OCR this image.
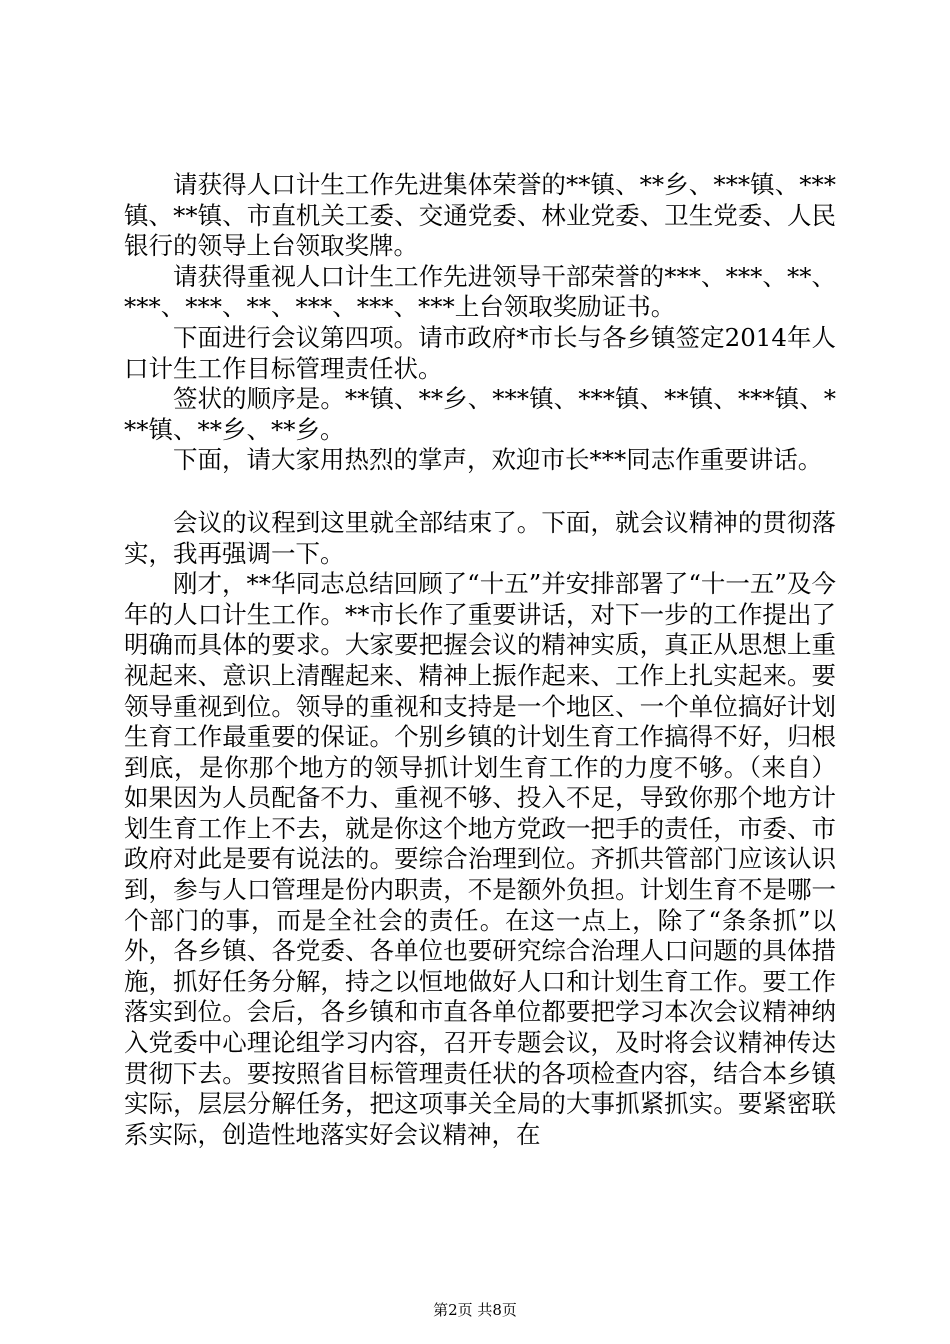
请获得人口计生工作先进集体荣誉的**镇、**乡、***镇、***镇、**镇、市直机关工委、交通党委、林业党委、卫生党委、人民银行的领导上台领取奖牌。

请获得重视人口计生工作先进领导干部荣誉的***、***、**、***、***、**、***、***、***上台领取奖励证书。

下面进行会议第四项。请市政府*市长与各乡镇签定2014年人口计生工作目标管理责任状。

签状的顺序是。**镇、**乡、***镇、***镇、**镇、***镇、***镇、**乡、**乡。

下面，请大家用热烈的掌声，欢迎市长***同志作重要讲话。

会议的议程到这里就全部结束了。下面，就会议精神的贯彻落实，我再强调一下。

刚才，**华同志总结回顾了“十五”并安排部署了“十一五”及今年的人口计生工作。**市长作了重要讲话，对下一步的工作提出了明确而具体的要求。大家要把握会议的精神实质，真正从思想上重视起来、意识上清醒起来、精神上振作起来、工作上扎实起来。要领导重视到位。领导的重视和支持是一个地区、一个单位搞好计划生育工作最重要的保证。个别乡镇的计划生育工作搞得不好，归根到底，是你那个地方的领导抓计划生育工作的力度不够。（来自）如果因为人员配备不力、重视不够、投入不足，导致你那个地方计划生育工作上不去，就是你这个地方党政一把手的责任，市委、市政府对此是要有说法的。要综合治理到位。齐抓共管部门应该认识到，参与人口管理是份内职责，不是额外负担。计划生育不是哪一个部门的事，而是全社会的责任。在这一点上，除了“条条抓”以外，各乡镇、各党委、各单位也要研究综合治理人口问题的具体措施，抓好任务分解，持之以恒地做好人口和计划生育工作。要工作落实到位。会后，各乡镇和市直各单位都要把学习本次会议精神纳入党委中心理论组学习内容，召开专题会议，及时将会议精神传达贯彻下去。要按照省目标管理责任状的各项检查内容，结合本乡镇实际，层层分解任务，把这项事关全局的大事抓紧抓实。要紧密联系实际，创造性地落实好会议精神，在

第2页 共8页
